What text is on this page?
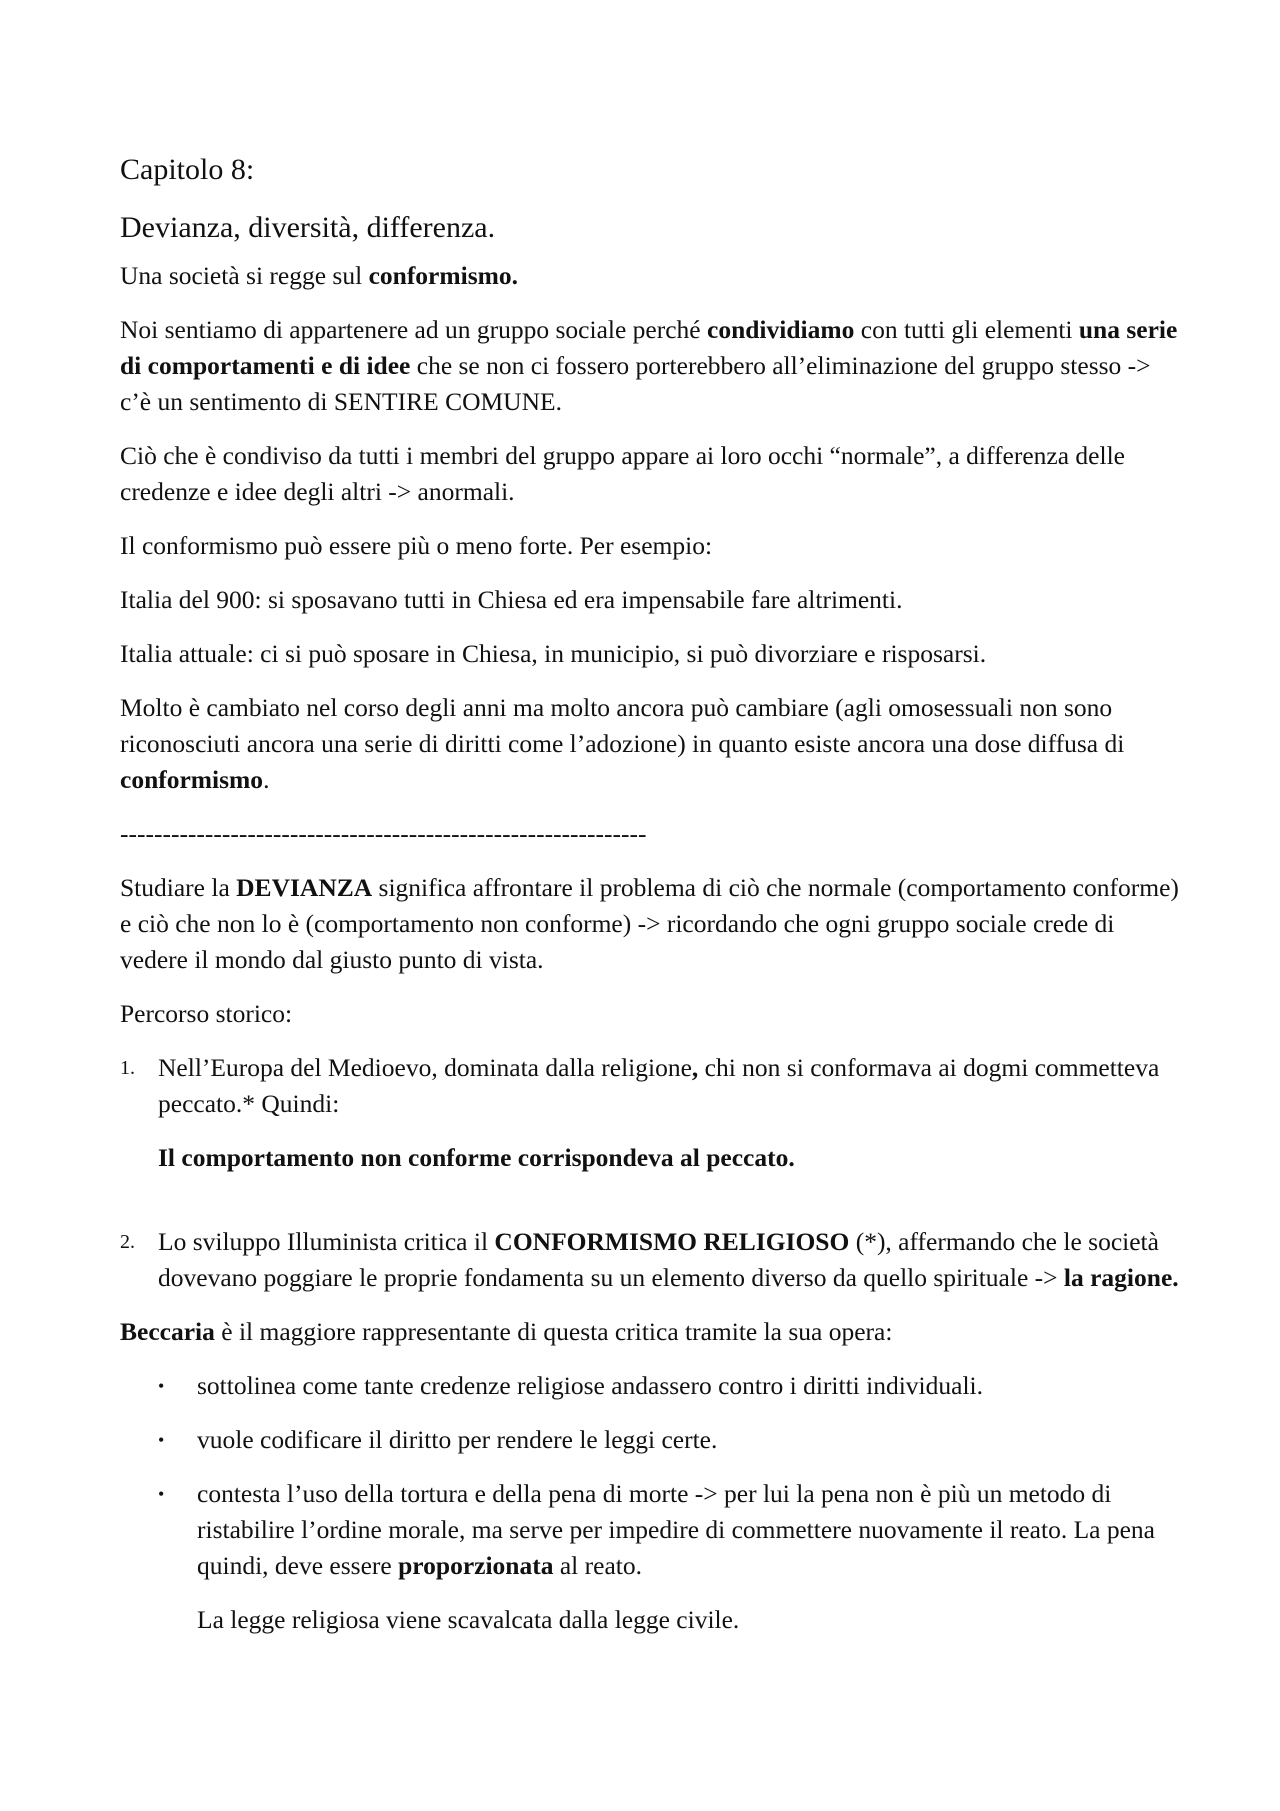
Capitolo 8:
Devianza, diversità, differenza.

Una società si regge sul conformismo.

Noi sentiamo di appartenere ad un gruppo sociale perché condividiamo con tutti gli elementi una serie di comportamenti e di idee che se non ci fossero porterebbero all’eliminazione del gruppo stesso -> c’è un sentimento di SENTIRE COMUNE.

Ciò che è condiviso da tutti i membri del gruppo appare ai loro occhi “normale”, a differenza delle credenze e idee degli altri -> anormali.

Il conformismo può essere più o meno forte. Per esempio:

Italia del 900: si sposavano tutti in Chiesa ed era impensabile fare altrimenti.

Italia attuale: ci si può sposare in Chiesa, in municipio, si può divorziare e risposarsi.

Molto è cambiato nel corso degli anni ma molto ancora può cambiare (agli omosessuali non sono riconosciuti ancora una serie di diritti come l’adozione) in quanto esiste ancora una dose diffusa di conformismo.

--------------------------------------------------------------

Studiare la DEVIANZA significa affrontare il problema di ciò che normale (comportamento conforme) e ciò che non lo è (comportamento non conforme) -> ricordando che ogni gruppo sociale crede di vedere il mondo dal giusto punto di vista.

Percorso storico:

1. Nell’Europa del Medioevo, dominata dalla religione, chi non si conformava ai dogmi commetteva peccato.* Quindi:

Il comportamento non conforme corrispondeva al peccato.

2. Lo sviluppo Illuminista critica il CONFORMISMO RELIGIOSO (*), affermando che le società dovevano poggiare le proprie fondamenta su un elemento diverso da quello spirituale -> la ragione.

Beccaria è il maggiore rappresentante di questa critica tramite la sua opera:

•	sottolinea come tante credenze religiose andassero contro i diritti individuali.
•	vuole codificare il diritto per rendere le leggi certe.
•	contesta l’uso della tortura e della pena di morte -> per lui la pena non è più un metodo di ristabilire l’ordine morale, ma serve per impedire di commettere nuovamente il reato. La pena quindi, deve essere proporzionata al reato.

La legge religiosa viene scavalcata dalla legge civile.
